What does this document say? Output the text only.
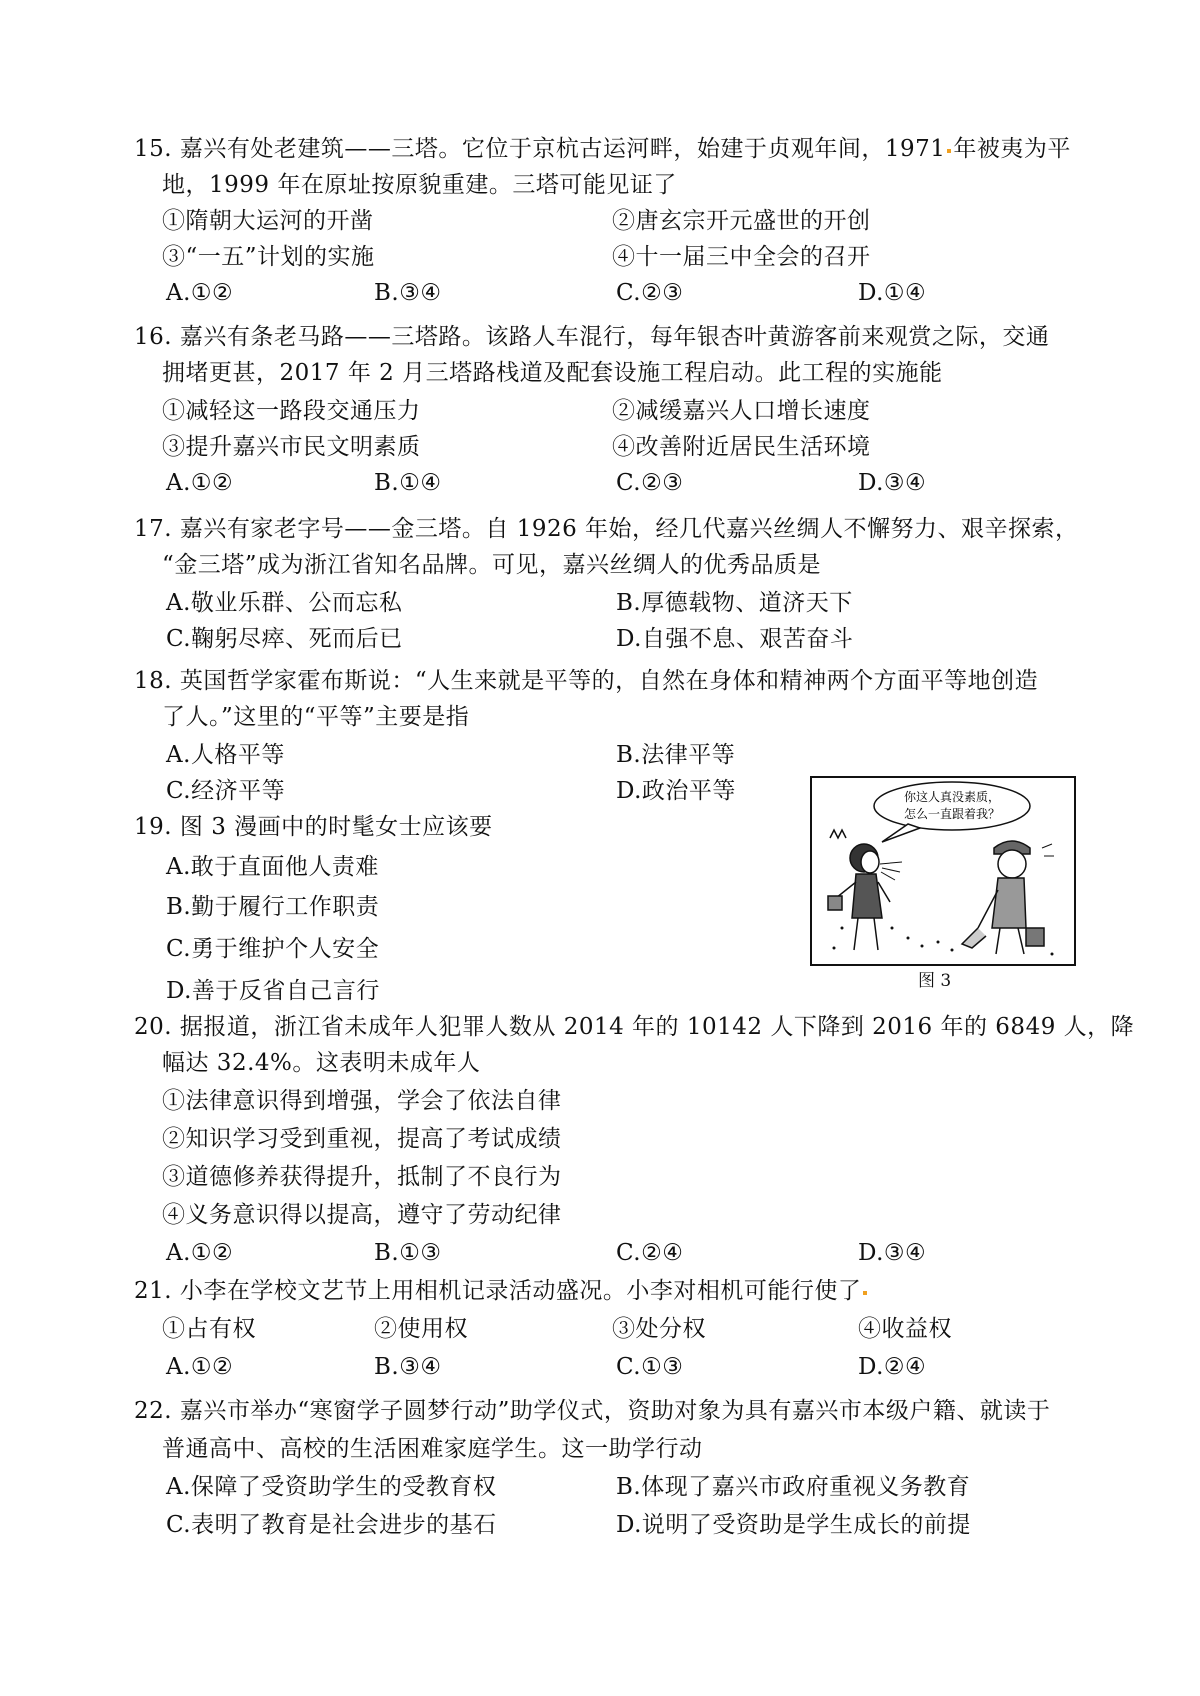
15. 嘉兴有处老建筑——三塔。它位于京杭古运河畔，始建于贞观年间，1971 年被夷为平
地，1999 年在原址按原貌重建。三塔可能见证了
①隋朝大运河的开凿	②唐玄宗开元盛世的开创
③“一五”计划的实施	④十一届三中全会的召开
A.①②	B.③④	C.②③	D.①④
16. 嘉兴有条老马路——三塔路。该路人车混行，每年银杏叶黄游客前来观赏之际，交通
拥堵更甚，2017 年 2 月三塔路栈道及配套设施工程启动。此工程的实施能
①减轻这一路段交通压力	②减缓嘉兴人口增长速度
③提升嘉兴市民文明素质	④改善附近居民生活环境
A.①②	B.①④	C.②③	D.③④
17. 嘉兴有家老字号——金三塔。自 1926 年始，经几代嘉兴丝绸人不懈努力、艰辛探索，
“金三塔”成为浙江省知名品牌。可见，嘉兴丝绸人的优秀品质是
A.敬业乐群、公而忘私	B.厚德载物、道济天下
C.鞠躬尽瘁、死而后已	D.自强不息、艰苦奋斗
18. 英国哲学家霍布斯说：“人生来就是平等的，自然在身体和精神两个方面平等地创造
了人。”这里的“平等”主要是指
A.人格平等	B.法律平等
C.经济平等	D.政治平等
19. 图 3 漫画中的时髦女士应该要
A.敢于直面他人责难
B.勤于履行工作职责
C.勇于维护个人安全
D.善于反省自己言行
你这人真没素质，
怎么一直跟着我？
图 3
20. 据报道，浙江省未成年人犯罪人数从 2014 年的 10142 人下降到 2016 年的 6849 人，降
幅达 32.4%。这表明未成年人
①法律意识得到增强，学会了依法自律
②知识学习受到重视，提高了考试成绩
③道德修养获得提升，抵制了不良行为
④义务意识得以提高，遵守了劳动纪律
A.①②	B.①③	C.②④	D.③④
21. 小李在学校文艺节上用相机记录活动盛况。小李对相机可能行使了
①占有权	②使用权	③处分权	④收益权
A.①②	B.③④	C.①③	D.②④
22. 嘉兴市举办“寒窗学子圆梦行动”助学仪式，资助对象为具有嘉兴市本级户籍、就读于
普通高中、高校的生活困难家庭学生。这一助学行动
A.保障了受资助学生的受教育权	B.体现了嘉兴市政府重视义务教育
C.表明了教育是社会进步的基石	D.说明了受资助是学生成长的前提
